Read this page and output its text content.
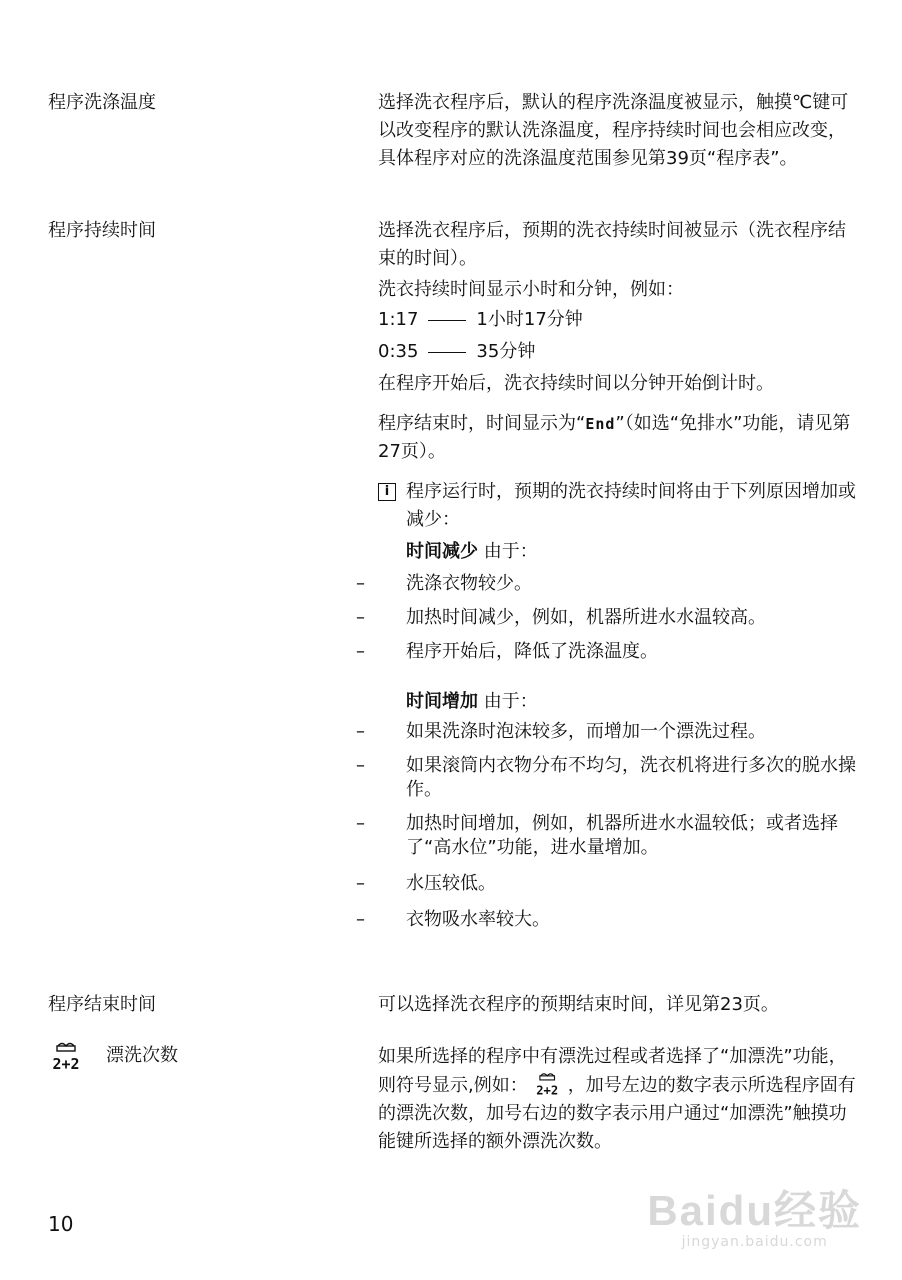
程序洗涤温度	选择洗衣程序后，默认的程序洗涤温度被显示，触摸℃键可以改变程序的默认洗涤温度，程序持续时间也会相应改变，具体程序对应的洗涤温度范围参见第39页“程序表”。

程序持续时间	选择洗衣程序后，预期的洗衣持续时间被显示（洗衣程序结束的时间）。

洗衣持续时间显示小时和分钟，例如：

1:17	1小时17分钟

0:35	35分钟

在程序开始后，洗衣持续时间以分钟开始倒计时。

程序结束时，时间显示为“End”（如选“免排水”功能，请见第27页）。

i 程序运行时，预期的洗衣持续时间将由于下列原因增加或减少：

时间减少 由于：

– 洗涤衣物较少。

– 加热时间减少，例如，机器所进水水温较高。

– 程序开始后，降低了洗涤温度。

时间增加 由于：

– 如果洗涤时泡沫较多，而增加一个漂洗过程。

– 如果滚筒内衣物分布不均匀，洗衣机将进行多次的脱水操作。

– 加热时间增加，例如，机器所进水水温较低；或者选择了“高水位”功能，进水量增加。

– 水压较低。

– 衣物吸水率较大。

程序结束时间	可以选择洗衣程序的预期结束时间，详见第23页。

2+2 漂洗次数	如果所选择的程序中有漂洗过程或者选择了“加漂洗”功能，则符号显示,例如： 2+2 ，加号左边的数字表示所选程序固有的漂洗次数，加号右边的数字表示用户通过“加漂洗”触摸功能键所选择的额外漂洗次数。

10	Baidu经验
jingyan.baidu.com
